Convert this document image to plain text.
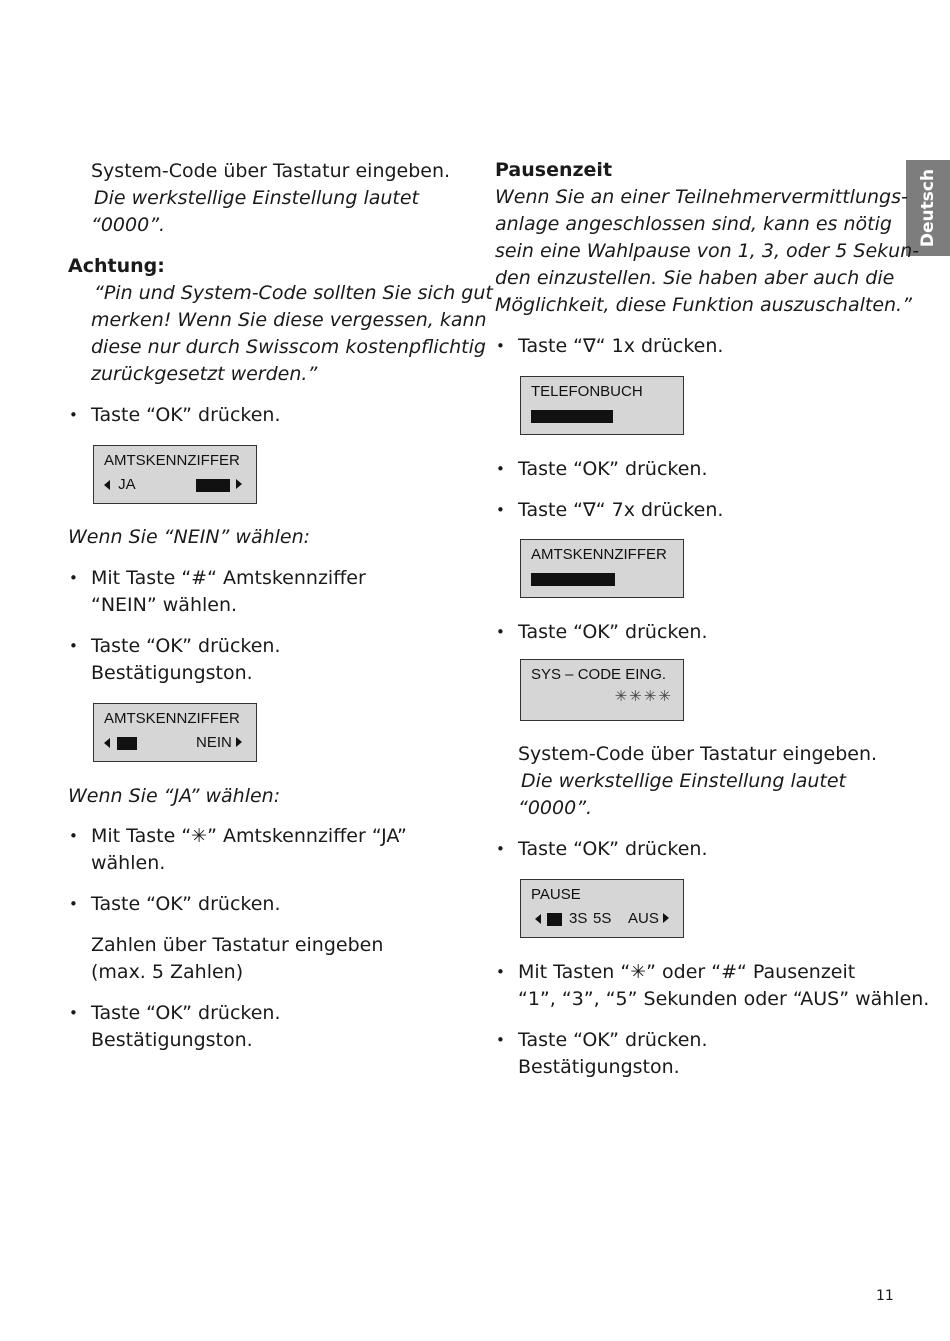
Deutsch
System-Code über Tastatur eingeben.
Die werkstellige Einstellung lautet
“0000”.
Achtung:
“Pin und System-Code sollten Sie sich gut
merken! Wenn Sie diese vergessen, kann
diese nur durch Swisscom kostenpflichtig
zurückgesetzt werden.”
• Taste “OK” drücken.
AMTSKENNZIFFER
JA
Wenn Sie “NEIN” wählen:
• Mit Taste “#“ Amtskennziffer
“NEIN” wählen.
• Taste “OK” drücken.
Bestätigungston.
AMTSKENNZIFFER

NEIN
Wenn Sie “JA” wählen:
• Mit Taste “✳” Amtskennziffer “JA”
wählen.
• Taste “OK” drücken.
Zahlen über Tastatur eingeben
(max. 5 Zahlen)
• Taste “OK” drücken.
Bestätigungston.
Pausenzeit
Wenn Sie an einer Teilnehmervermittlungs-
anlage angeschlossen sind, kann es nötig
sein eine Wahlpause von 1, 3, oder 5 Sekun-
den einzustellen. Sie haben aber auch die
Möglichkeit, diese Funktion auszuschalten.”
• Taste “∇“ 1x drücken.
TELEFONBUCH
• Taste “OK” drücken.
• Taste “∇“ 7x drücken.
AMTSKENNZIFFER
• Taste “OK” drücken.
SYS – CODE EING.
✳✳✳✳
System-Code über Tastatur eingeben.
Die werkstellige Einstellung lautet
“0000”.
• Taste “OK” drücken.
PAUSE

3S 5S AUS
• Mit Tasten “✳” oder “#“ Pausenzeit
“1”, “3”, “5” Sekunden oder “AUS” wählen.
• Taste “OK” drücken.
Bestätigungston.
11
